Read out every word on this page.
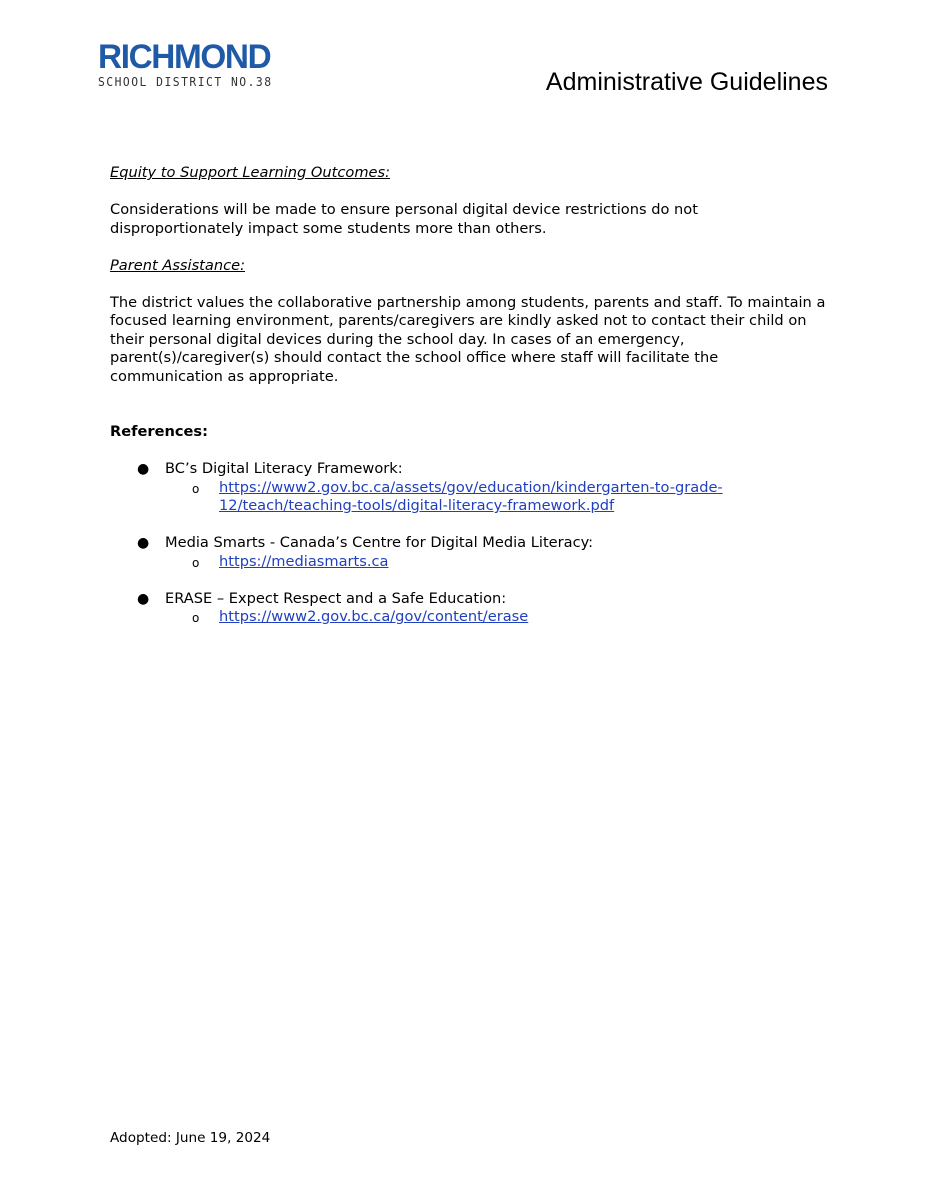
RICHMOND
SCHOOL DISTRICT NO.38	Administrative Guidelines

Equity to Support Learning Outcomes:

Considerations will be made to ensure personal digital device restrictions do not disproportionately impact some students more than others.

Parent Assistance:

The district values the collaborative partnership among students, parents and staff. To maintain a focused learning environment, parents/caregivers are kindly asked not to contact their child on their personal digital devices during the school day. In cases of an emergency, parent(s)/caregiver(s) should contact the school office where staff will facilitate the communication as appropriate.

References:

● BC’s Digital Literacy Framework:
o https://www2.gov.bc.ca/assets/gov/education/kindergarten-to-grade-
12/teach/teaching-tools/digital-literacy-framework.pdf
● Media Smarts - Canada’s Centre for Digital Media Literacy:
o https://mediasmarts.ca
● ERASE – Expect Respect and a Safe Education:
o https://www2.gov.bc.ca/gov/content/erase
Adopted: June 19, 2024
